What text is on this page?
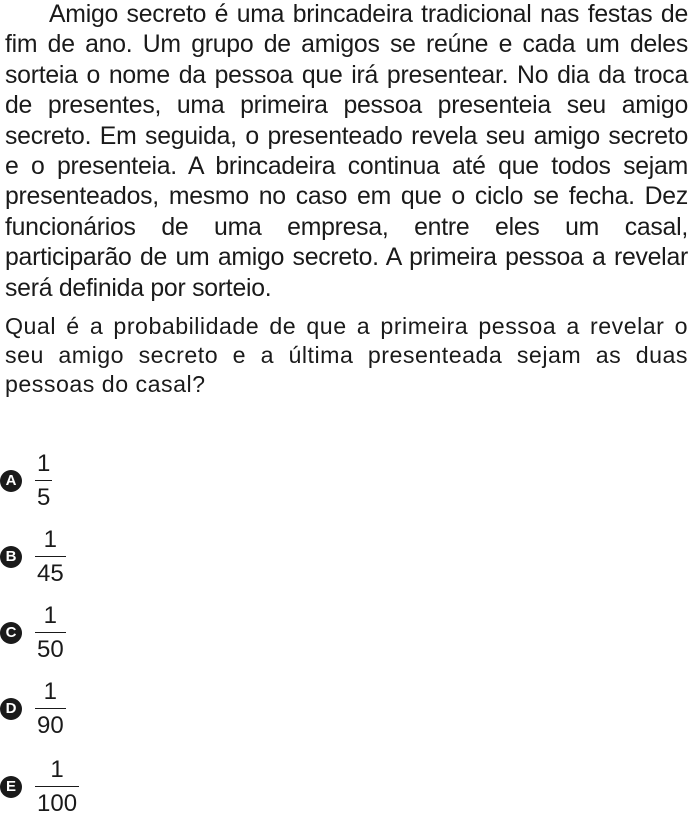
Amigo secreto é uma brincadeira tradicional nas festas de fim de ano. Um grupo de amigos se reúne e cada um deles sorteia o nome da pessoa que irá presentear. No dia da troca de presentes, uma primeira pessoa presenteia seu amigo secreto. Em seguida, o presenteado revela seu amigo secreto e o presenteia. A brincadeira continua até que todos sejam presenteados, mesmo no caso em que o ciclo se fecha. Dez funcionários de uma empresa, entre eles um casal, participarão de um amigo secreto. A primeira pessoa a revelar será definida por sorteio.

Qual é a probabilidade de que a primeira pessoa a revelar o seu amigo secreto e a última presenteada sejam as duas pessoas do casal?

A $\frac{1}{5}$
B $\frac{1}{45}$
C $\frac{1}{50}$
D $\frac{1}{90}$
E $\frac{1}{100}$
